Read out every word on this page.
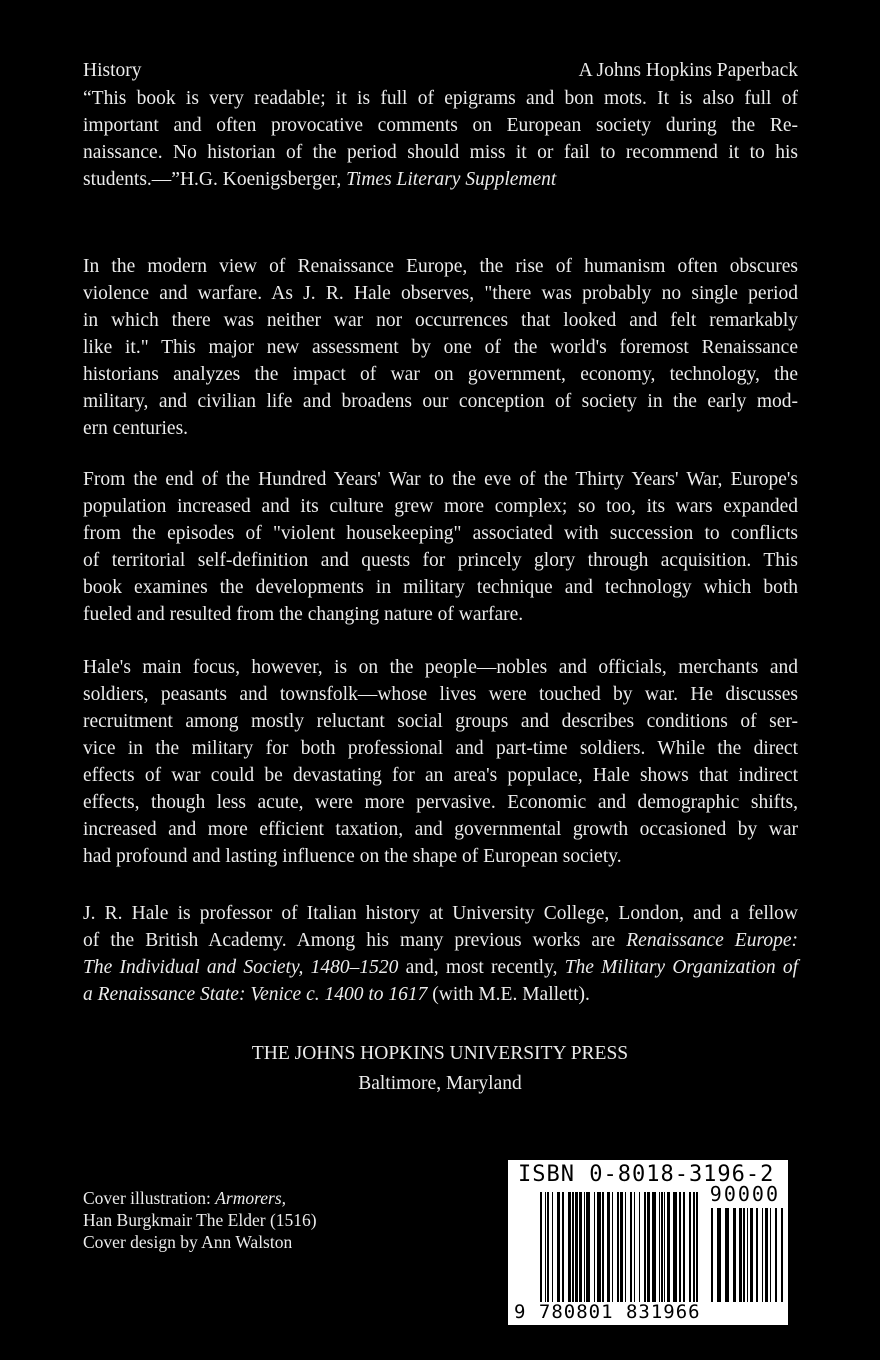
History	A Johns Hopkins Paperback
“This book is very readable; it is full of epigrams and bon mots. It is also full of
important and often provocative comments on European society during the Re-
naissance. No historian of the period should miss it or fail to recommend it to his
students.—”H.G. Koenigsberger, Times Literary Supplement
In the modern view of Renaissance Europe, the rise of humanism often obscures
violence and warfare. As J. R. Hale observes, "there was probably no single period
in which there was neither war nor occurrences that looked and felt remarkably
like it." This major new assessment by one of the world's foremost Renaissance
historians analyzes the impact of war on government, economy, technology, the
military, and civilian life and broadens our conception of society in the early mod-
ern centuries.
From the end of the Hundred Years' War to the eve of the Thirty Years' War, Europe's
population increased and its culture grew more complex; so too, its wars expanded
from the episodes of "violent housekeeping" associated with succession to conflicts
of territorial self-definition and quests for princely glory through acquisition. This
book examines the developments in military technique and technology which both
fueled and resulted from the changing nature of warfare.
Hale's main focus, however, is on the people—nobles and officials, merchants and
soldiers, peasants and townsfolk—whose lives were touched by war. He discusses
recruitment among mostly reluctant social groups and describes conditions of ser-
vice in the military for both professional and part-time soldiers. While the direct
effects of war could be devastating for an area's populace, Hale shows that indirect
effects, though less acute, were more pervasive. Economic and demographic shifts,
increased and more efficient taxation, and governmental growth occasioned by war
had profound and lasting influence on the shape of European society.
J. R. Hale is professor of Italian history at University College, London, and a fellow
of the British Academy. Among his many previous works are Renaissance Europe:
The Individual and Society, 1480–1520 and, most recently, The Military Organization of
a Renaissance State: Venice c. 1400 to 1617 (with M.E. Mallett).
THE JOHNS HOPKINS UNIVERSITY PRESS
Baltimore, Maryland
Cover illustration: Armorers,
Han Burgkmair The Elder (1516)
Cover design by Ann Walston
ISBN 0-8018-3196-2
90000
9 780801 831966
